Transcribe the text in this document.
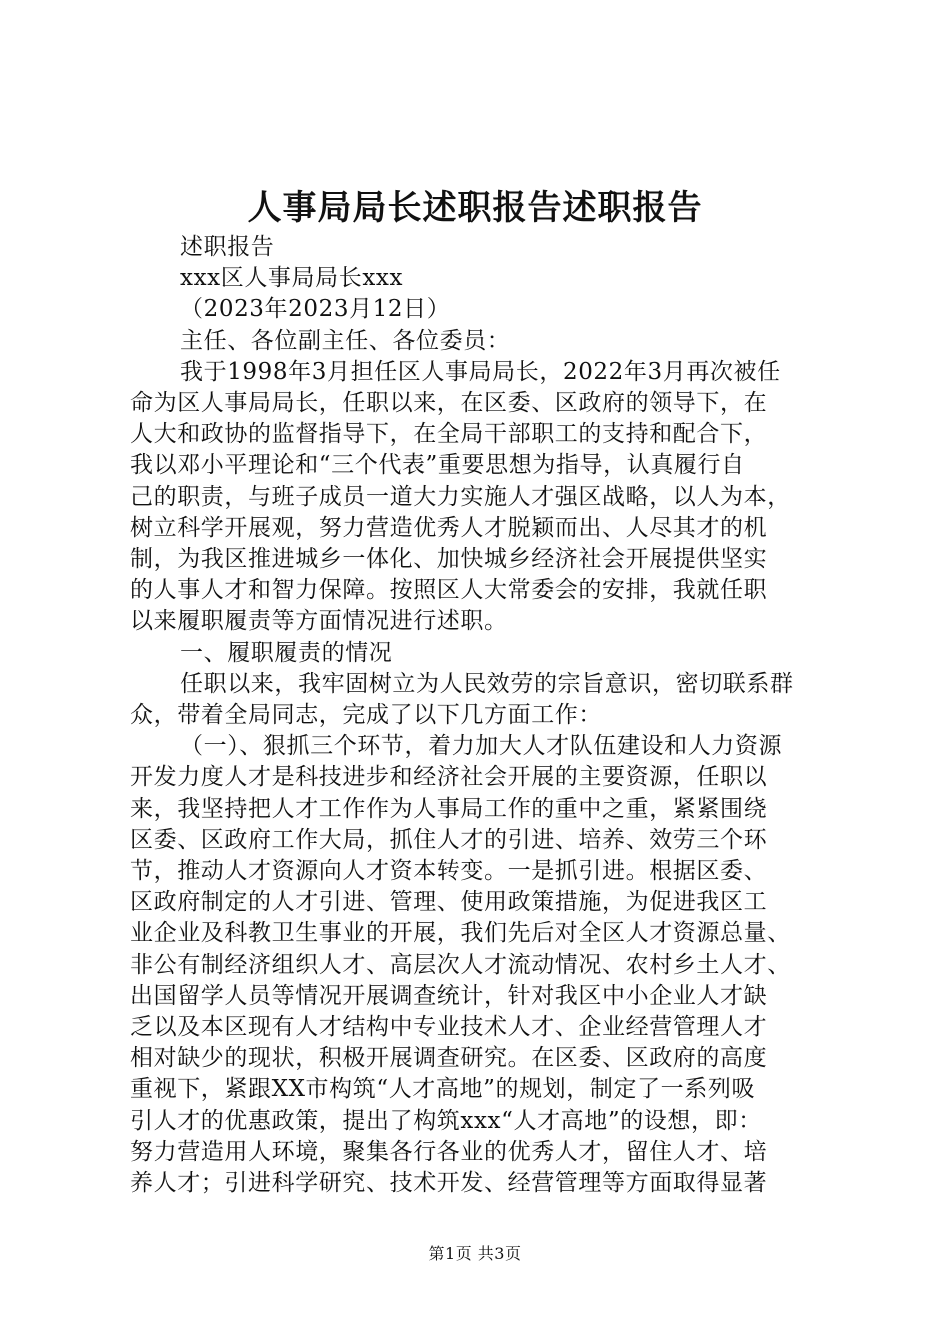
人事局局长述职报告述职报告
述职报告
xxx区人事局局长xxx
（2023年2023月12日）
主任、各位副主任、各位委员：
我于1998年3月担任区人事局局长，2022年3月再次被任
命为区人事局局长，任职以来，在区委、区政府的领导下，在
人大和政协的监督指导下，在全局干部职工的支持和配合下，
我以邓小平理论和“三个代表”重要思想为指导，认真履行自
己的职责，与班子成员一道大力实施人才强区战略，以人为本，
树立科学开展观，努力营造优秀人才脱颖而出、人尽其才的机
制，为我区推进城乡一体化、加快城乡经济社会开展提供坚实
的人事人才和智力保障。按照区人大常委会的安排，我就任职
以来履职履责等方面情况进行述职。
一、履职履责的情况
任职以来，我牢固树立为人民效劳的宗旨意识，密切联系群
众，带着全局同志，完成了以下几方面工作：
（一）、狠抓三个环节，着力加大人才队伍建设和人力资源
开发力度人才是科技进步和经济社会开展的主要资源，任职以
来，我坚持把人才工作作为人事局工作的重中之重，紧紧围绕
区委、区政府工作大局，抓住人才的引进、培养、效劳三个环
节，推动人才资源向人才资本转变。一是抓引进。根据区委、
区政府制定的人才引进、管理、使用政策措施，为促进我区工
业企业及科教卫生事业的开展，我们先后对全区人才资源总量、
非公有制经济组织人才、高层次人才流动情况、农村乡土人才、
出国留学人员等情况开展调查统计，针对我区中小企业人才缺
乏以及本区现有人才结构中专业技术人才、企业经营管理人才
相对缺少的现状，积极开展调查研究。在区委、区政府的高度
重视下，紧跟XX市构筑“人才高地”的规划，制定了一系列吸
引人才的优惠政策，提出了构筑xxx“人才高地”的设想，即：
努力营造用人环境，聚集各行各业的优秀人才，留住人才、培
养人才；引进科学研究、技术开发、经营管理等方面取得显著
第1页 共3页
